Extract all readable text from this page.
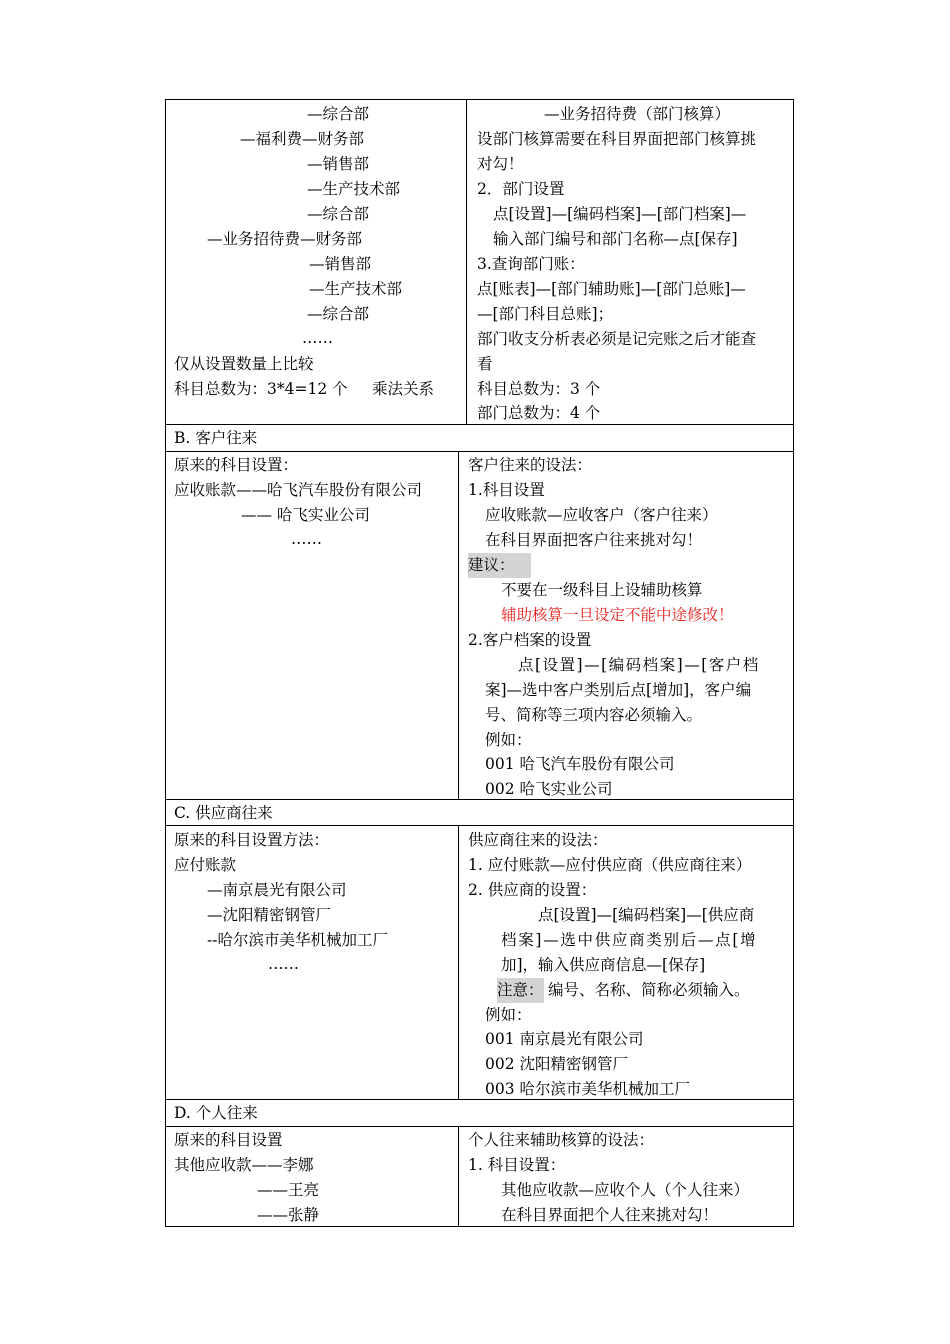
—综合部
—福利费—财务部
—销售部
—生产技术部
—综合部
—业务招待费—财务部
—销售部
—生产技术部
—综合部
……
仅从设置数量上比较
科目总数为：3*4=12 个 乘法关系
—业务招待费（部门核算）
设部门核算需要在科目界面把部门核算挑
对勾！
2．部门设置
点[设置]—[编码档案]—[部门档案]—
输入部门编号和部门名称—点[保存]
3.查询部门账：
点[账表]—[部门辅助账]—[部门总账]—
—[部门科目总账]；
部门收支分析表必须是记完账之后才能查
看
科目总数为：3 个
部门总数为：4 个
B. 客户往来
原来的科目设置：
应收账款——哈飞汽车股份有限公司
—— 哈飞实业公司
……
客户往来的设法：
1.科目设置
应收账款—应收客户（客户往来）
在科目界面把客户往来挑对勾！
建议：
不要在一级科目上设辅助核算
辅助核算一旦设定不能中途修改！
2.客户档案的设置
点[设置]—[编码档案]—[客户档
案]—选中客户类别后点[增加]，客户编
号、简称等三项内容必须输入。
例如：
001 哈飞汽车股份有限公司
002 哈飞实业公司
C. 供应商往来
原来的科目设置方法：
应付账款
—南京晨光有限公司
—沈阳精密钢管厂
--哈尔滨市美华机械加工厂
……
供应商往来的设法：
1. 应付账款—应付供应商（供应商往来）
2. 供应商的设置：
点[设置]—[编码档案]—[供应商
档案]—选中供应商类别后—点[增
加]，输入供应商信息—[保存]
注意： 编号、名称、简称必须输入。
例如：
001 南京晨光有限公司
002 沈阳精密钢管厂
003 哈尔滨市美华机械加工厂
D. 个人往来
原来的科目设置
其他应收款——李娜
——王亮
——张静
个人往来辅助核算的设法：
1. 科目设置：
其他应收款—应收个人（个人往来）
在科目界面把个人往来挑对勾！
